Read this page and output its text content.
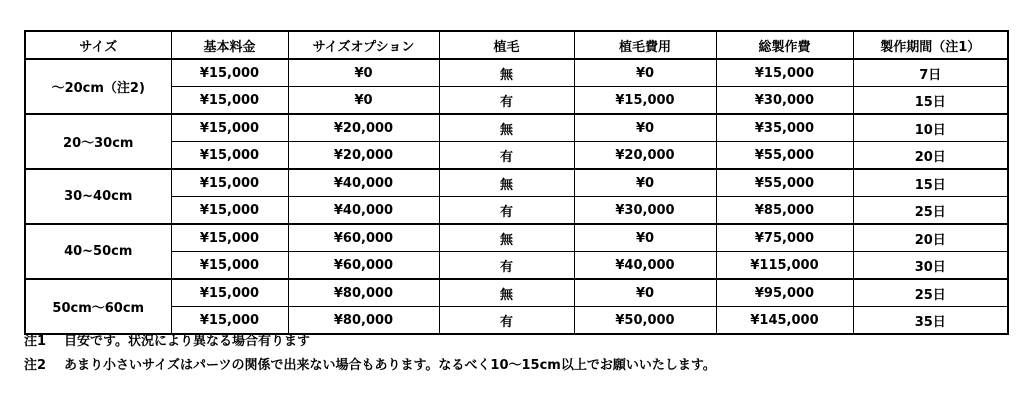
サイズ	基本料金	サイズオプション	植毛	植毛費用	総製作費	製作期間（注1）
～20cm（注2)	¥15,000	¥0	無	¥0	¥15,000	7日
	¥15,000	¥0	有	¥15,000	¥30,000	15日
20～30cm	¥15,000	¥20,000	無	¥0	¥35,000	10日
	¥15,000	¥20,000	有	¥20,000	¥55,000	20日
30~40cm	¥15,000	¥40,000	無	¥0	¥55,000	15日
	¥15,000	¥40,000	有	¥30,000	¥85,000	25日
40~50cm	¥15,000	¥60,000	無	¥0	¥75,000	20日
	¥15,000	¥60,000	有	¥40,000	¥115,000	30日
50cm～60cm	¥15,000	¥80,000	無	¥0	¥95,000	25日
	¥15,000	¥80,000	有	¥50,000	¥145,000	35日
注1 目安です。状況により異なる場合有ります
注2 あまり小さいサイズはパーツの関係で出来ない場合もあります。なるべく10～15cm以上でお願いいたします。
